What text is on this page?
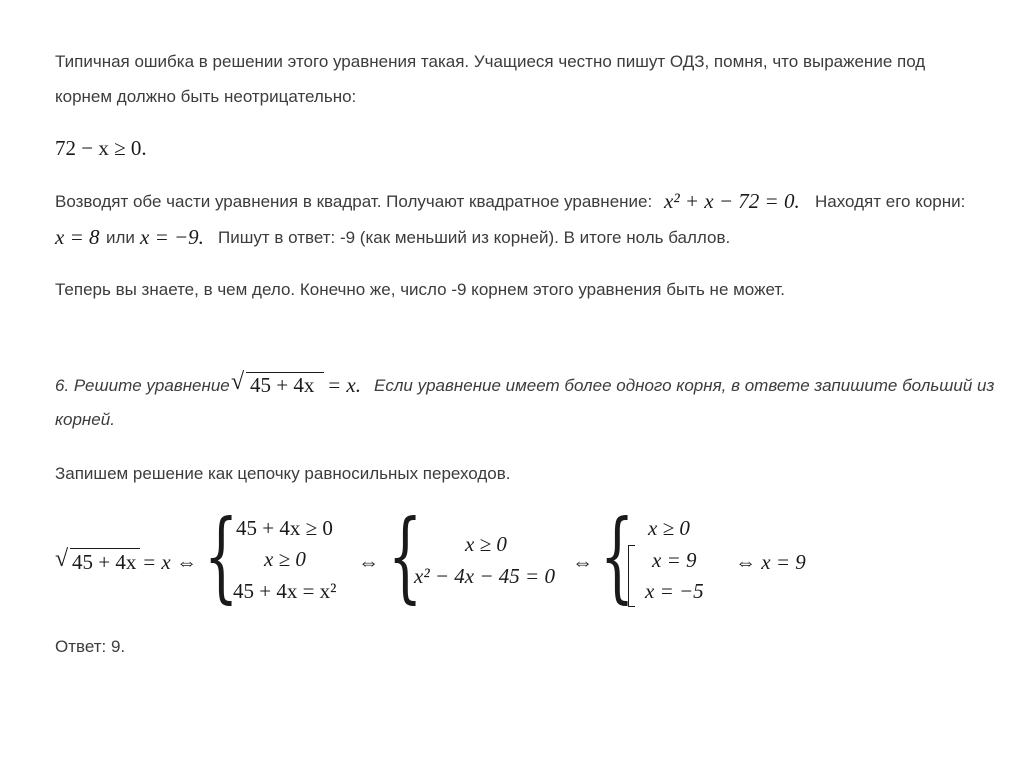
Типичная ошибка в решении этого уравнения такая. Учащиеся честно пишут ОДЗ, помня, что выражение под
корнем должно быть неотрицательно:
72 − x ≥ 0.
Возводят обе части уравнения в квадрат. Получают квадратное уравнение: x² + x − 72 = 0. Находят его корни:
x = 8 или x = −9. Пишут в ответ: -9 (как меньший из корней). В итоге ноль баллов.
Теперь вы знаете, в чем дело. Конечно же, число -9 корнем этого уравнения быть не может.
6. Решите уравнение √ 45 + 4x = x. Если уравнение имеет более одного корня, в ответе запишите больший из
корней.
Запишем решение как цепочку равносильных переходов.
√ 45 + 4x = x ⇔ {
45 + 4x ≥ 0
x ≥ 0
45 + 4x = x²
⇔ { x ≥ 0
x² − 4x − 45 = 0
⇔ { x ≥ 0
x = 9
x = −5
⇔ x = 9
Ответ: 9.
